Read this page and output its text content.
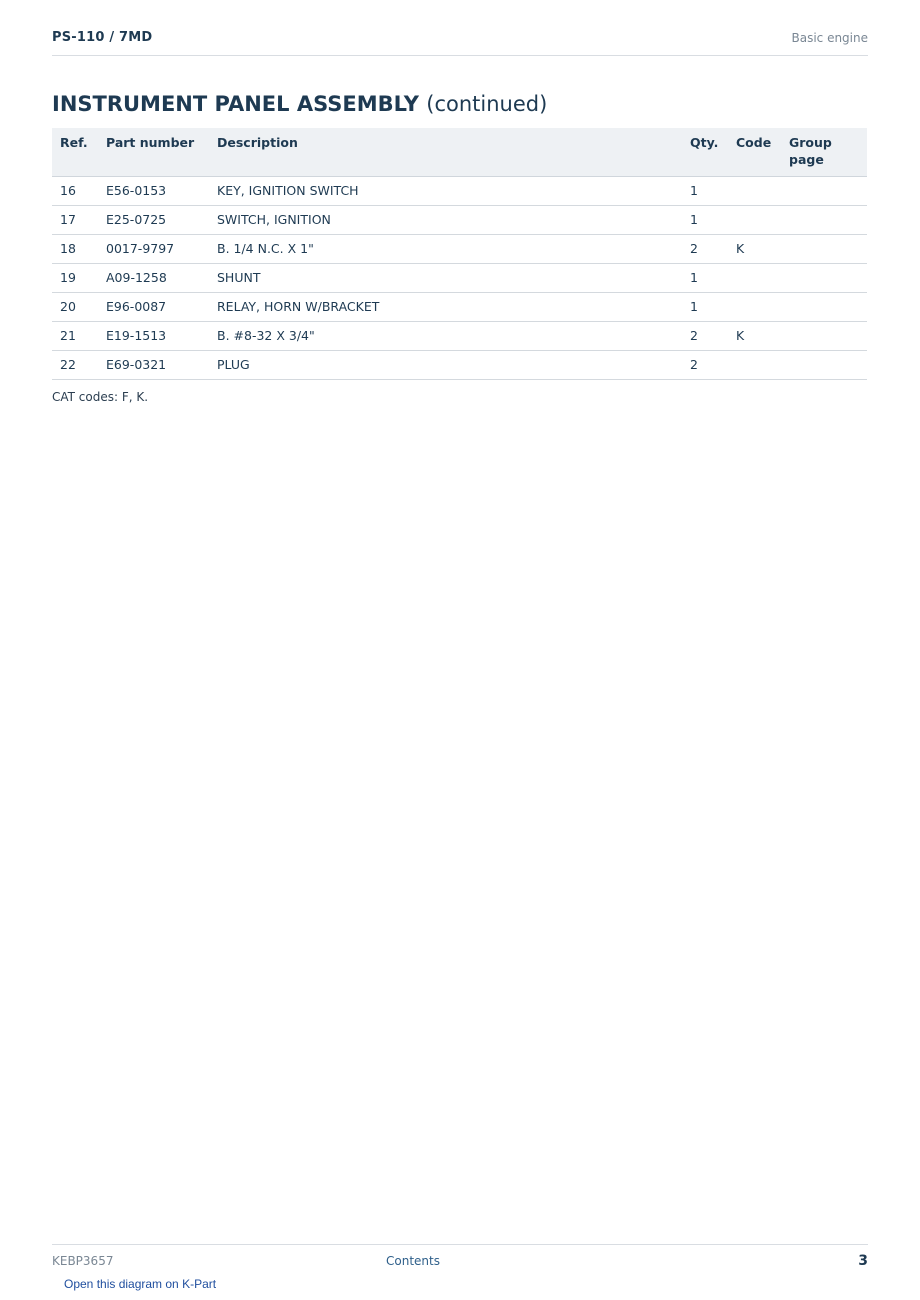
PS-110 / 7MD	Basic engine
INSTRUMENT PANEL ASSEMBLY (continued)
Ref.	Part number	Description	Qty.	Code	Group page
16	E56-0153	KEY, IGNITION SWITCH	1		
17	E25-0725	SWITCH, IGNITION	1		
18	0017-9797	B. 1/4 N.C. X 1"	2	K	
19	A09-1258	SHUNT	1		
20	E96-0087	RELAY, HORN W/BRACKET	1		
21	E19-1513	B. #8-32 X 3/4"	2	K	
22	E69-0321	PLUG	2		
CAT codes: F, K.
KEBP3657	Contents	3
Open this diagram on K-Part
